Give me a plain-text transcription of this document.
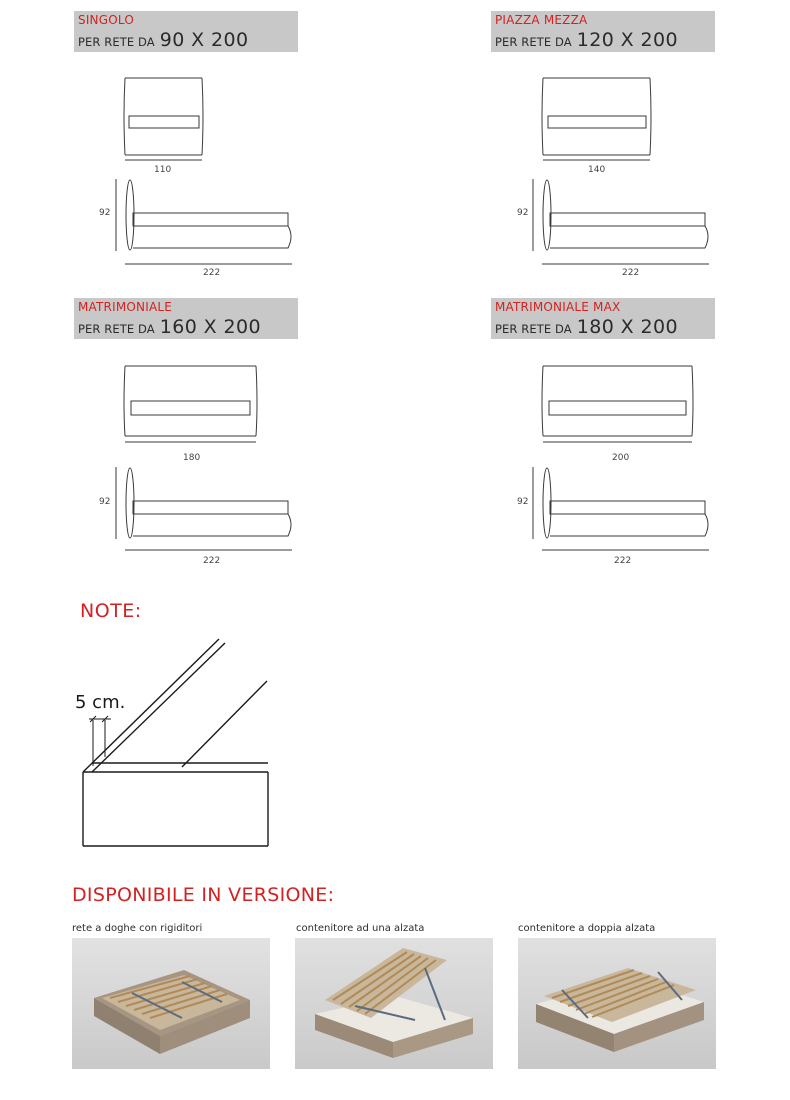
SINGOLO
PER RETE DA 90 X 200
110
92
222
PIAZZA MEZZA
PER RETE DA 120 X 200
140
92
222
MATRIMONIALE
PER RETE DA 160 X 200
180
92
222
MATRIMONIALE MAX
PER RETE DA 180 X 200
200
92
222
NOTE:
5 cm.
DISPONIBILE IN VERSIONE:
rete a doghe con rigiditori	contenitore ad una alzata	contenitore a doppia alzata
